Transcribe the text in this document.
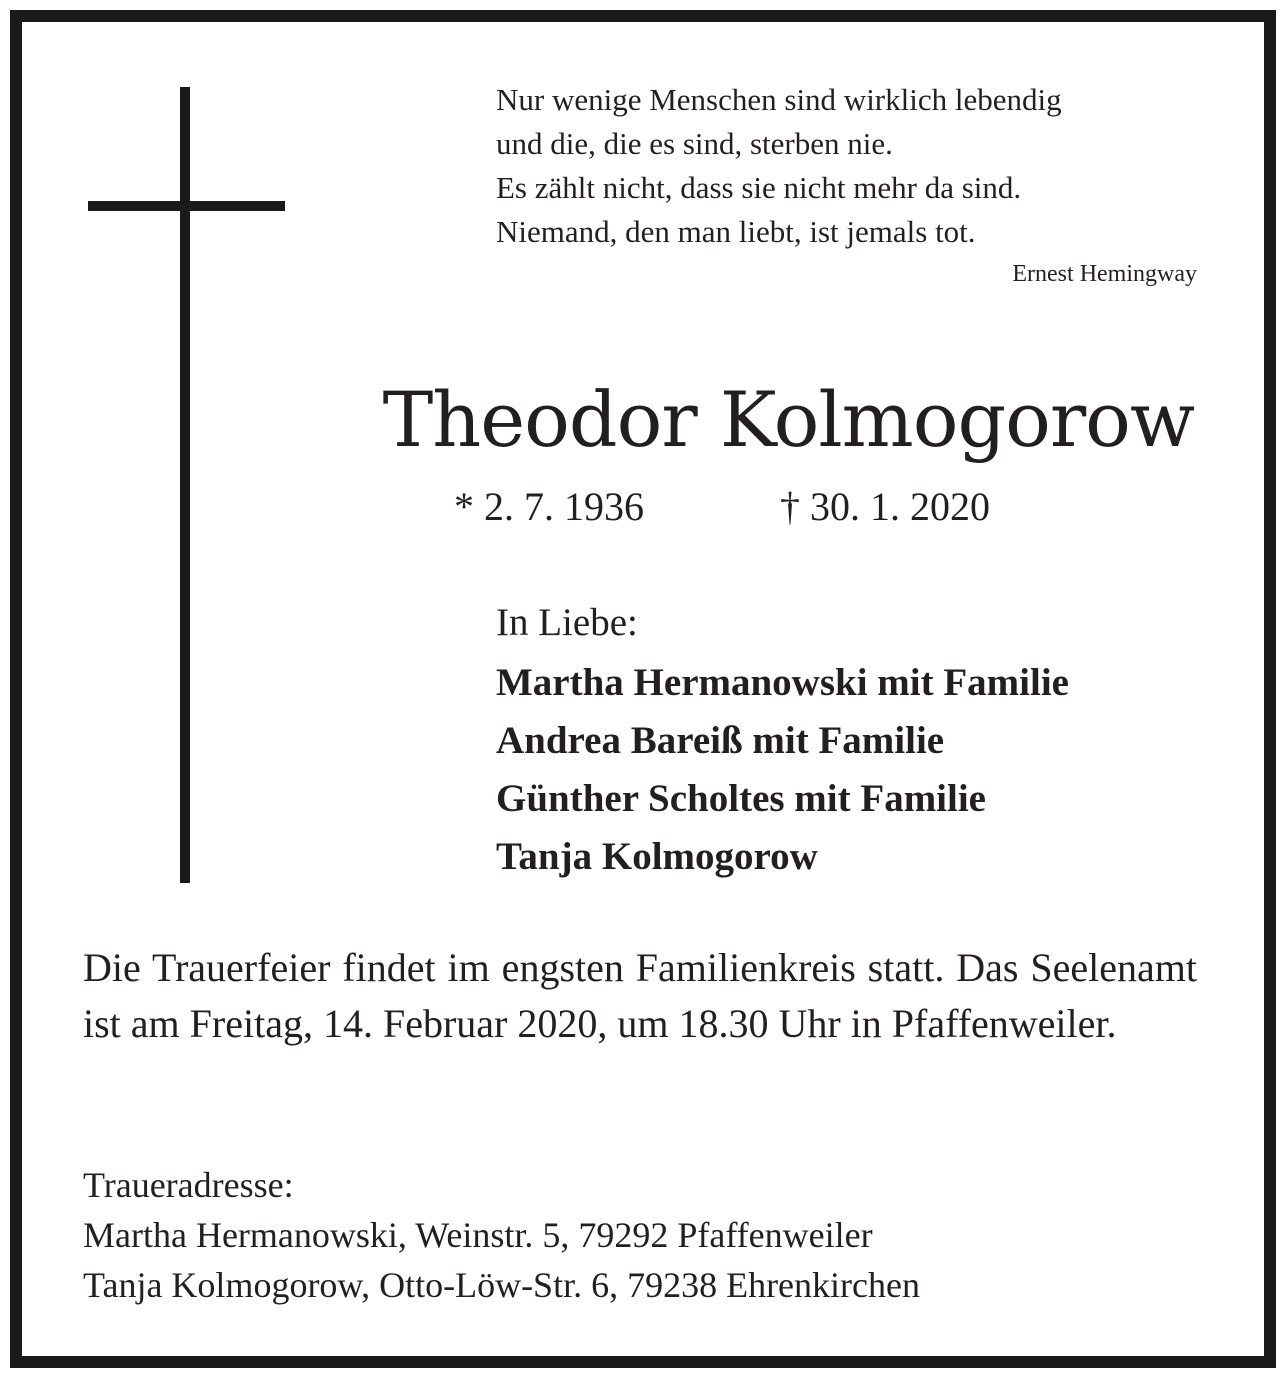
Nur wenige Menschen sind wirklich lebendig
und die, die es sind, sterben nie.
Es zählt nicht, dass sie nicht mehr da sind.
Niemand, den man liebt, ist jemals tot.
Ernest Hemingway
Theodor Kolmogorow
* 2. 7. 1936	† 30. 1. 2020
In Liebe:
Martha Hermanowski mit Familie
Andrea Bareiß mit Familie
Günther Scholtes mit Familie
Tanja Kolmogorow
Die Trauerfeier findet im engsten Familienkreis statt. Das Seelenamt ist am Freitag, 14. Februar 2020, um 18.30 Uhr in Pfaffenweiler.
Traueradresse:
Martha Hermanowski, Weinstr. 5, 79292 Pfaffenweiler
Tanja Kolmogorow, Otto-Löw-Str. 6, 79238 Ehrenkirchen
